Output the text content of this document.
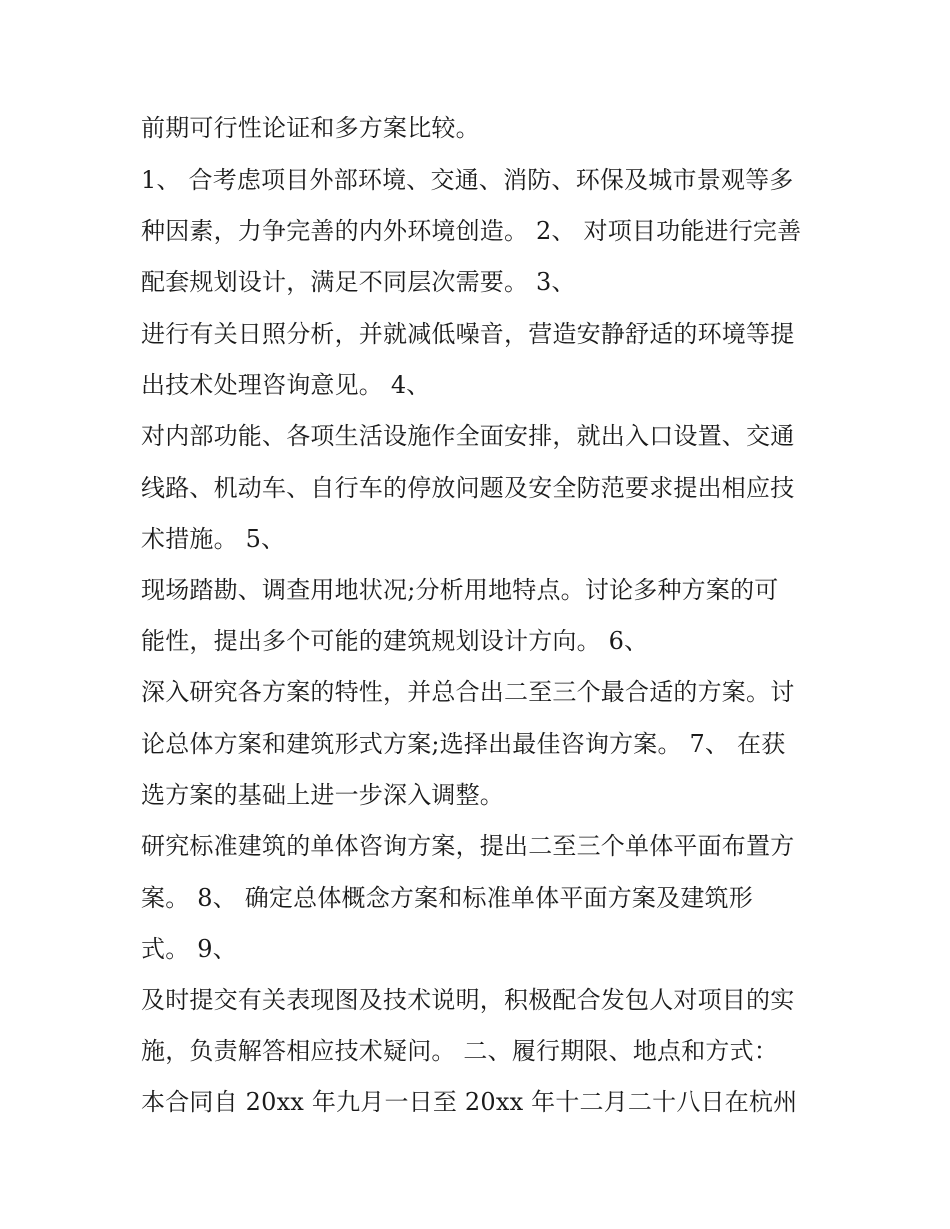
前期可行性论证和多方案比较。
1、 合考虑项目外部环境、交通、消防、环保及城市景观等多
种因素，力争完善的内外环境创造。 2、 对项目功能进行完善
配套规划设计，满足不同层次需要。 3、
进行有关日照分析，并就减低噪音，营造安静舒适的环境等提
出技术处理咨询意见。 4、
对内部功能、各项生活设施作全面安排，就出入口设置、交通
线路、机动车、自行车的停放问题及安全防范要求提出相应技
术措施。 5、
现场踏勘、调查用地状况;分析用地特点。讨论多种方案的可
能性，提出多个可能的建筑规划设计方向。 6、
深入研究各方案的特性，并总合出二至三个最合适的方案。讨
论总体方案和建筑形式方案;选择出最佳咨询方案。 7、 在获
选方案的基础上进一步深入调整。
研究标准建筑的单体咨询方案，提出二至三个单体平面布置方
案。 8、 确定总体概念方案和标准单体平面方案及建筑形
式。 9、
及时提交有关表现图及技术说明，积极配合发包人对项目的实
施，负责解答相应技术疑问。 二、履行期限、地点和方式：
本合同自 20xx 年九月一日至 20xx 年十二月二十八日在杭州
